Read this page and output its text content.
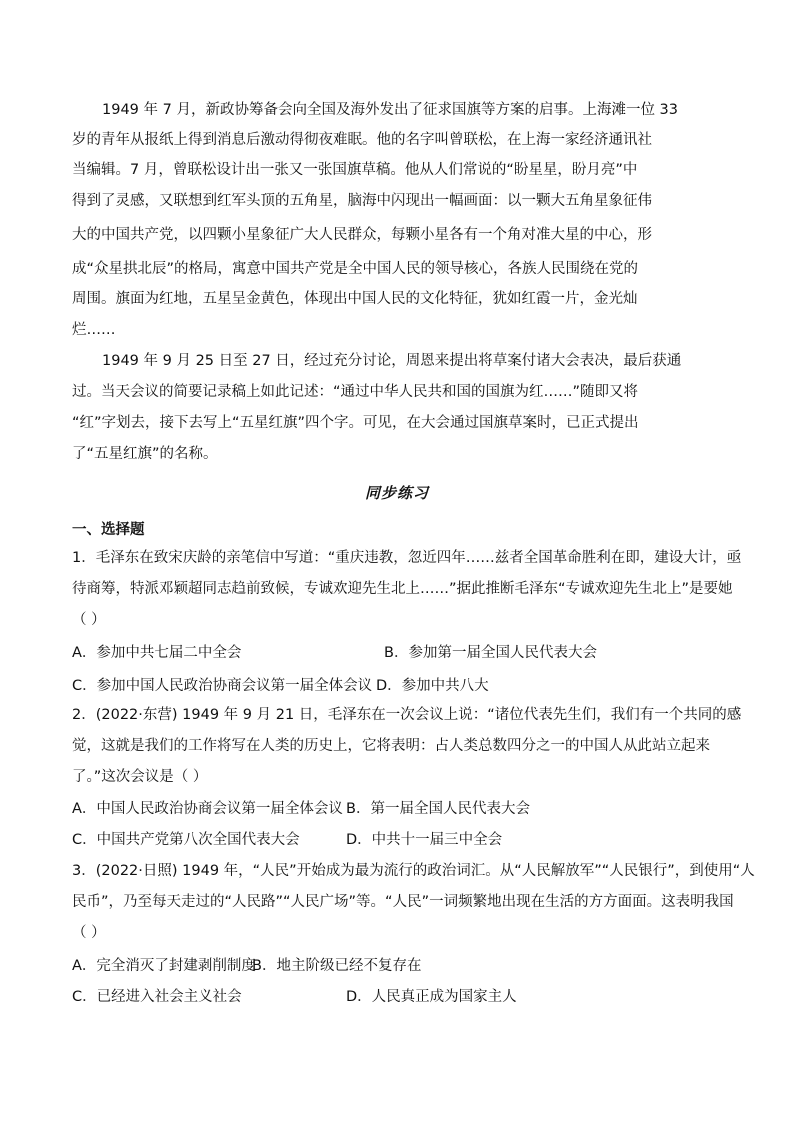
1949 年 7 月，新政协筹备会向全国及海外发出了征求国旗等方案的启事。上海滩一位 33
岁的青年从报纸上得到消息后激动得彻夜难眠。他的名字叫曾联松，在上海一家经济通讯社
当编辑。7 月，曾联松设计出一张又一张国旗草稿。他从人们常说的“盼星星，盼月亮”中
得到了灵感，又联想到红军头顶的五角星，脑海中闪现出一幅画面：以一颗大五角星象征伟
大的中国共产党，以四颗小星象征广大人民群众，每颗小星各有一个角对准大星的中心，形
成“众星拱北辰”的格局，寓意中国共产党是全中国人民的领导核心，各族人民围绕在党的
周围。旗面为红地，五星呈金黄色，体现出中国人民的文化特征，犹如红霞一片，金光灿
烂……
1949 年 9 月 25 日至 27 日，经过充分讨论，周恩来提出将草案付诸大会表决，最后获通
过。当天会议的简要记录稿上如此记述：“通过中华人民共和国的国旗为红……”随即又将
“红”字划去，接下去写上“五星红旗”四个字。可见，在大会通过国旗草案时，已正式提出
了“五星红旗”的名称。
同步练习
一、选择题
1．毛泽东在致宋庆龄的亲笔信中写道：“重庆违教，忽近四年……兹者全国革命胜利在即，建设大计，亟
待商筹，特派邓颖超同志趋前致候，专诚欢迎先生北上……”据此推断毛泽东“专诚欢迎先生北上”是要她
（ ）
A．参加中共七届二中全会	B．参加第一届全国人民代表大会
C．参加中国人民政治协商会议第一届全体会议 D．参加中共八大
2．(2022·东营) 1949 年 9 月 21 日，毛泽东在一次会议上说：“诸位代表先生们，我们有一个共同的感
觉，这就是我们的工作将写在人类的历史上，它将表明：占人类总数四分之一的中国人从此站立起来
了。”这次会议是（ ）
A．中国人民政治协商会议第一届全体会议 B．第一届全国人民代表大会
C．中国共产党第八次全国代表大会	D．中共十一届三中全会
3．(2022·日照) 1949 年，“人民”开始成为最为流行的政治词汇。从“人民解放军”“人民银行”，到使用“人
民币”，乃至每天走过的“人民路”“人民广场”等。“人民”一词频繁地出现在生活的方方面面。这表明我国
（ ）
A．完全消灭了封建剥削制度
B．地主阶级已经不复存在
C．已经进入社会主义社会	D．人民真正成为国家主人
